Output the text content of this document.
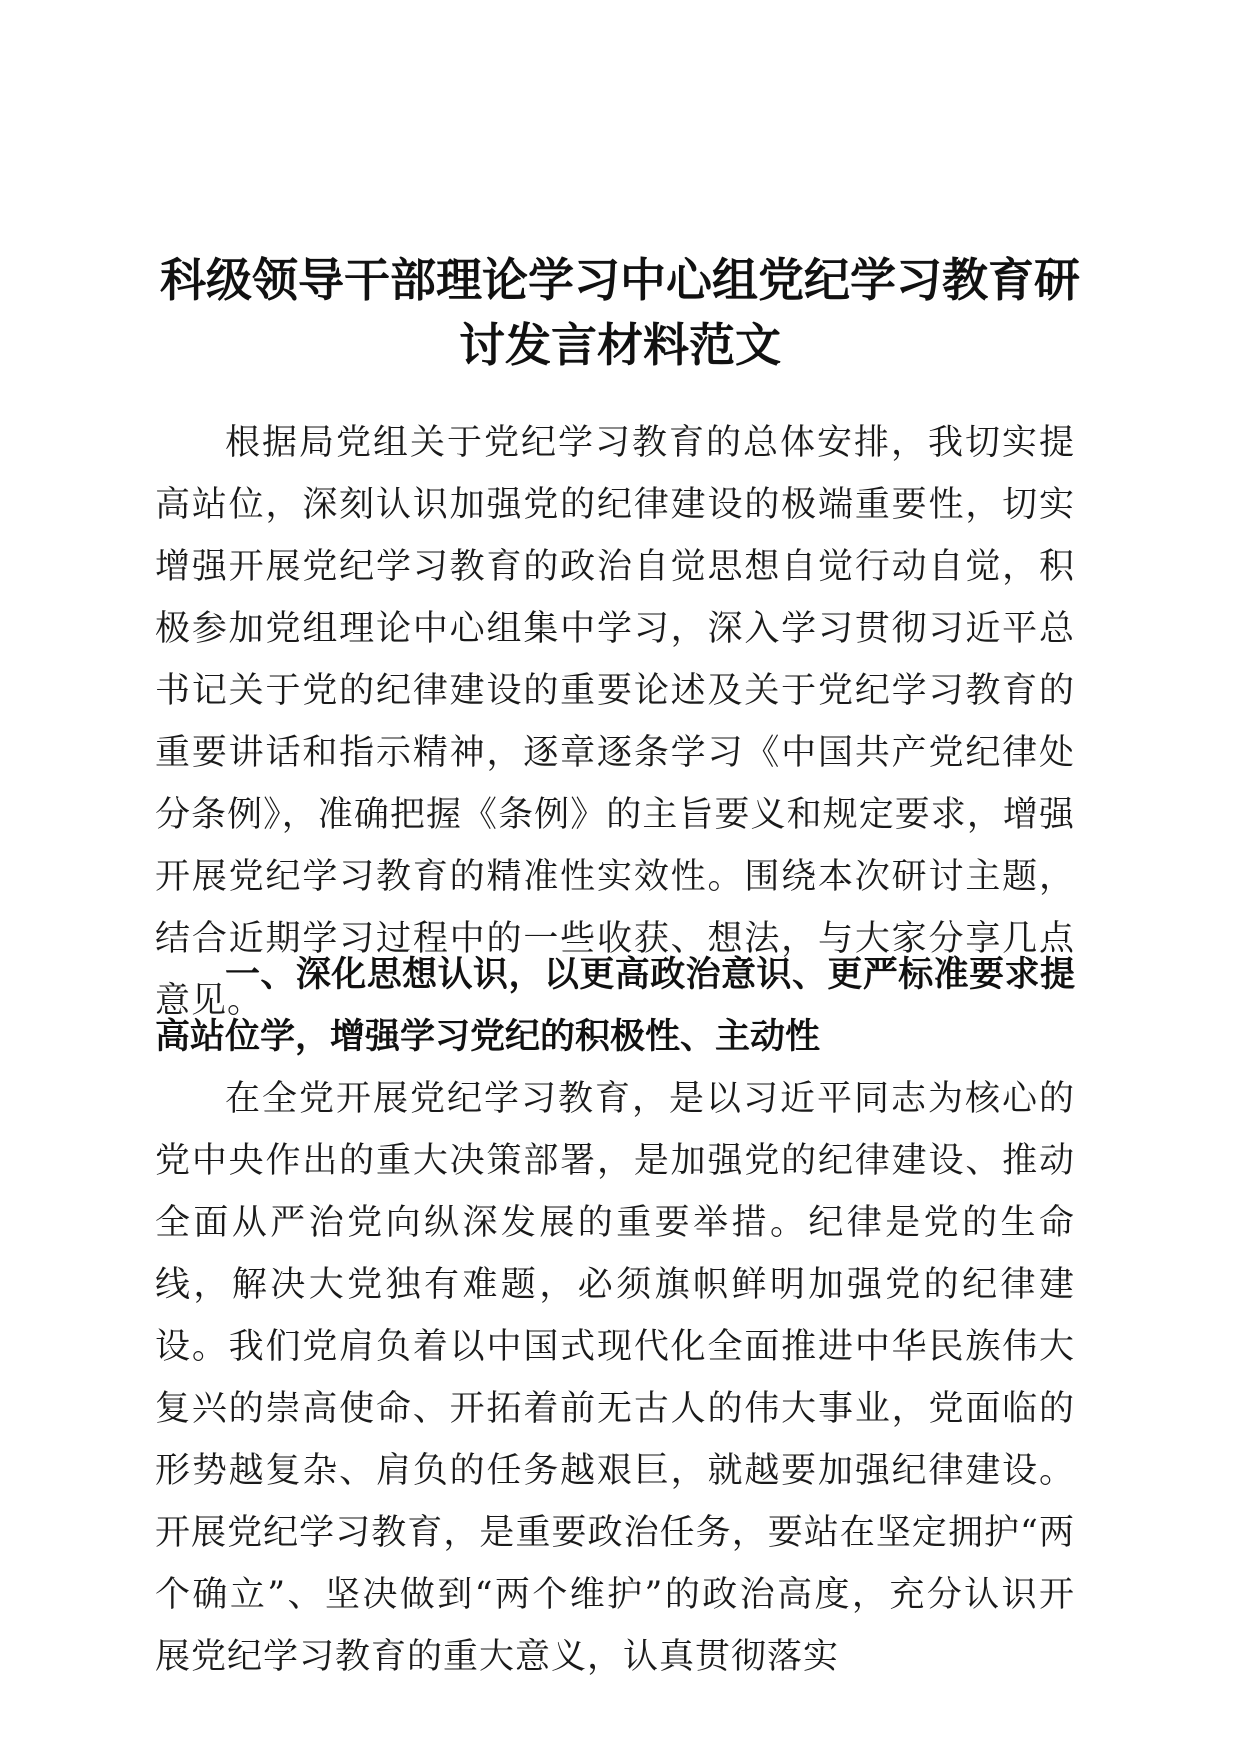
科级领导干部理论学习中心组党纪学习教育研讨发言材料范文

根据局党组关于党纪学习教育的总体安排，我切实提高站位，深刻认识加强党的纪律建设的极端重要性，切实增强开展党纪学习教育的政治自觉思想自觉行动自觉，积极参加党组理论中心组集中学习，深入学习贯彻习近平总书记关于党的纪律建设的重要论述及关于党纪学习教育的重要讲话和指示精神，逐章逐条学习《中国共产党纪律处分条例》，准确把握《条例》的主旨要义和规定要求，增强开展党纪学习教育的精准性实效性。围绕本次研讨主题，结合近期学习过程中的一些收获、想法，与大家分享几点意见。

一、深化思想认识，以更高政治意识、更严标准要求提高站位学，增强学习党纪的积极性、主动性

在全党开展党纪学习教育，是以习近平同志为核心的党中央作出的重大决策部署，是加强党的纪律建设、推动全面从严治党向纵深发展的重要举措。纪律是党的生命线，解决大党独有难题，必须旗帜鲜明加强党的纪律建设。我们党肩负着以中国式现代化全面推进中华民族伟大复兴的崇高使命、开拓着前无古人的伟大事业，党面临的形势越复杂、肩负的任务越艰巨，就越要加强纪律建设。开展党纪学习教育，是重要政治任务，要站在坚定拥护“两个确立”、坚决做到“两个维护”的政治高度，充分认识开展党纪学习教育的重大意义，认真贯彻落实
